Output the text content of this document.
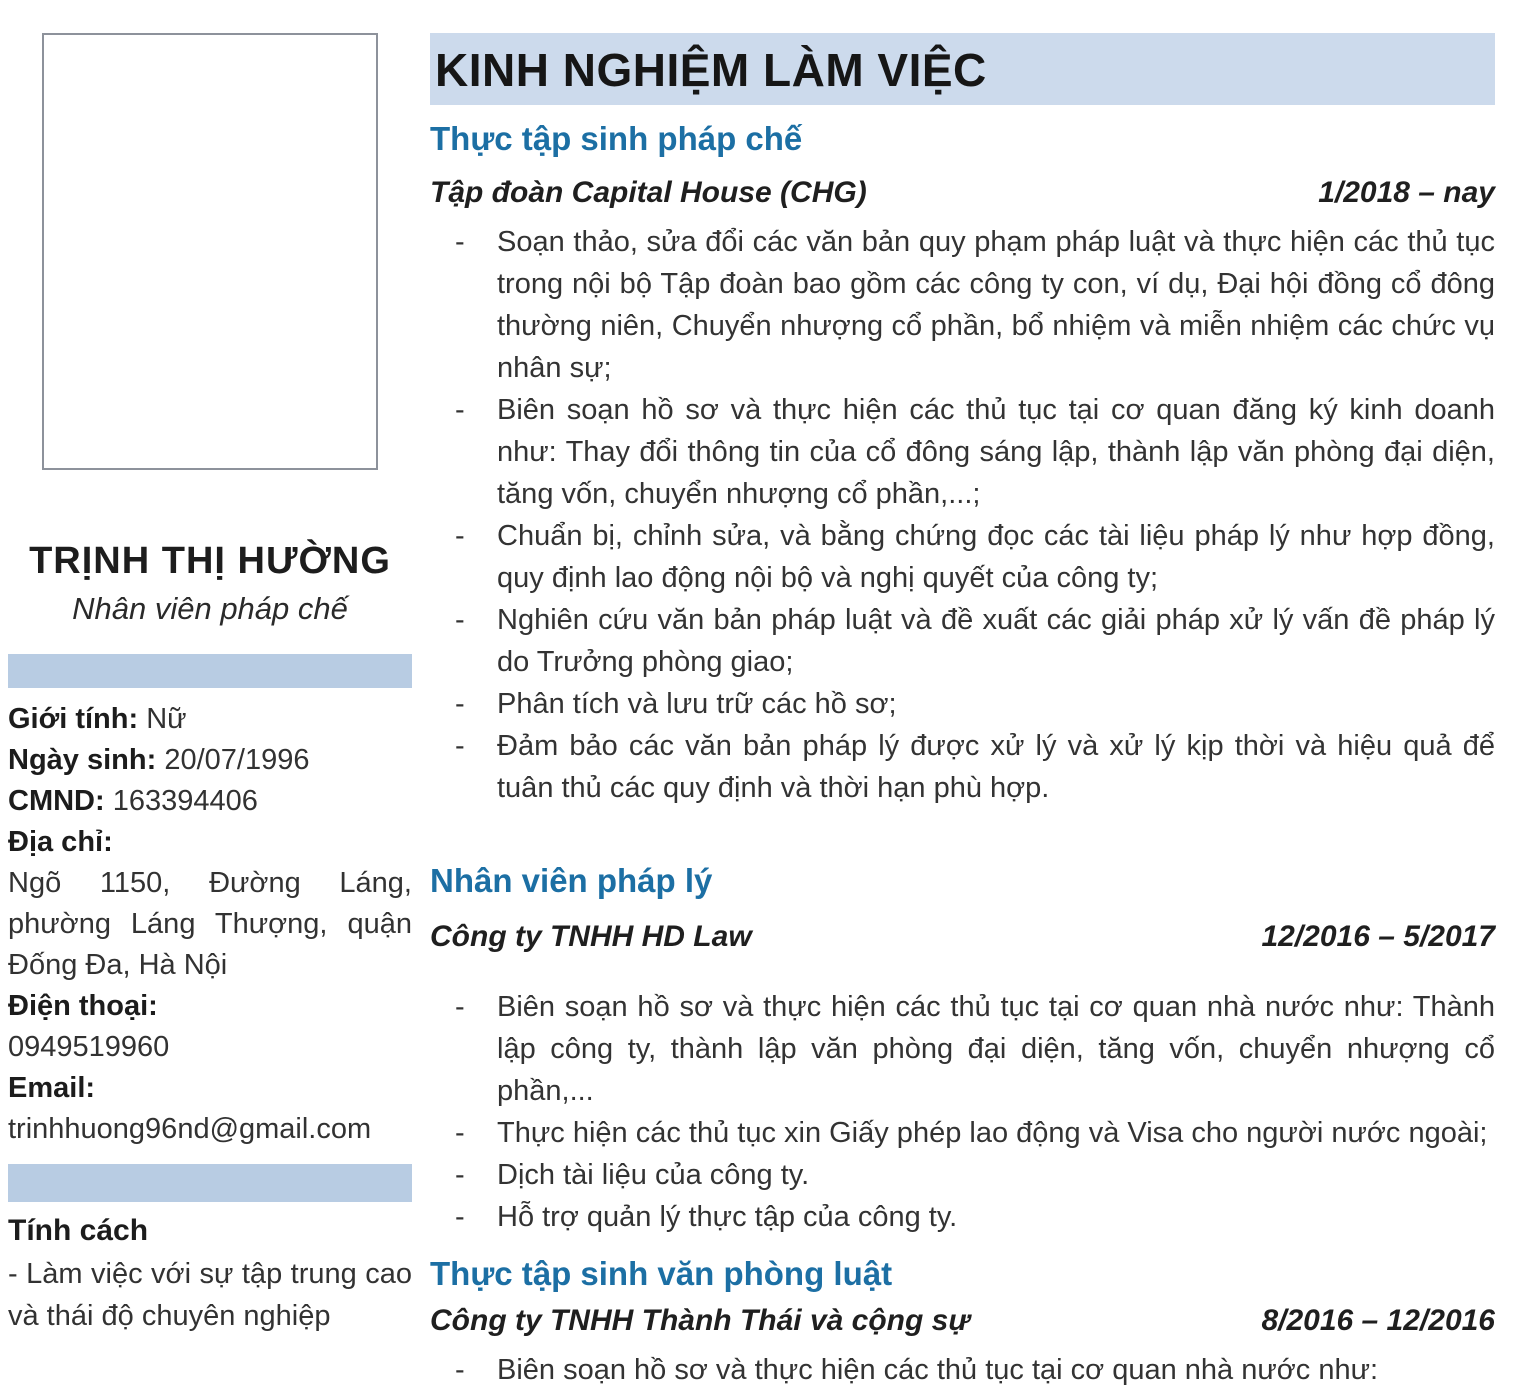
TRỊNH THỊ HƯỜNG
Nhân viên pháp chế
Giới tính: Nữ
Ngày sinh: 20/07/1996
CMND: 163394406
Địa chỉ:
Ngõ 1150, Đường Láng, phường Láng Thượng, quận Đống Đa, Hà Nội
Điện thoại:
0949519960
Email:
trinhhuong96nd@gmail.com
Tính cách
- Làm việc với sự tập trung cao và thái độ chuyên nghiệp
KINH NGHIỆM LÀM VIỆC
Thực tập sinh pháp chế
Tập đoàn Capital House (CHG)	1/2018 – nay
-	Soạn thảo, sửa đổi các văn bản quy phạm pháp luật và thực hiện các thủ tục trong nội bộ Tập đoàn bao gồm các công ty con, ví dụ, Đại hội đồng cổ đông thường niên, Chuyển nhượng cổ phần, bổ nhiệm và miễn nhiệm các chức vụ nhân sự;
-	Biên soạn hồ sơ và thực hiện các thủ tục tại cơ quan đăng ký kinh doanh như: Thay đổi thông tin của cổ đông sáng lập, thành lập văn phòng đại diện, tăng vốn, chuyển nhượng cổ phần,...;
-	Chuẩn bị, chỉnh sửa, và bằng chứng đọc các tài liệu pháp lý như hợp đồng, quy định lao động nội bộ và nghị quyết của công ty;
-	Nghiên cứu văn bản pháp luật và đề xuất các giải pháp xử lý vấn đề pháp lý do Trưởng phòng giao;
-	Phân tích và lưu trữ các hồ sơ;
-	Đảm bảo các văn bản pháp lý được xử lý và xử lý kịp thời và hiệu quả để tuân thủ các quy định và thời hạn phù hợp.
Nhân viên pháp lý
Công ty TNHH HD Law	12/2016 – 5/2017
-	Biên soạn hồ sơ và thực hiện các thủ tục tại cơ quan nhà nước như: Thành lập công ty, thành lập văn phòng đại diện, tăng vốn, chuyển nhượng cổ phần,...
-	Thực hiện các thủ tục xin Giấy phép lao động và Visa cho người nước ngoài;
-	Dịch tài liệu của công ty.
-	Hỗ trợ quản lý thực tập của công ty.
Thực tập sinh văn phòng luật
Công ty TNHH Thành Thái và cộng sự	8/2016 – 12/2016
-	Biên soạn hồ sơ và thực hiện các thủ tục tại cơ quan nhà nước như:
